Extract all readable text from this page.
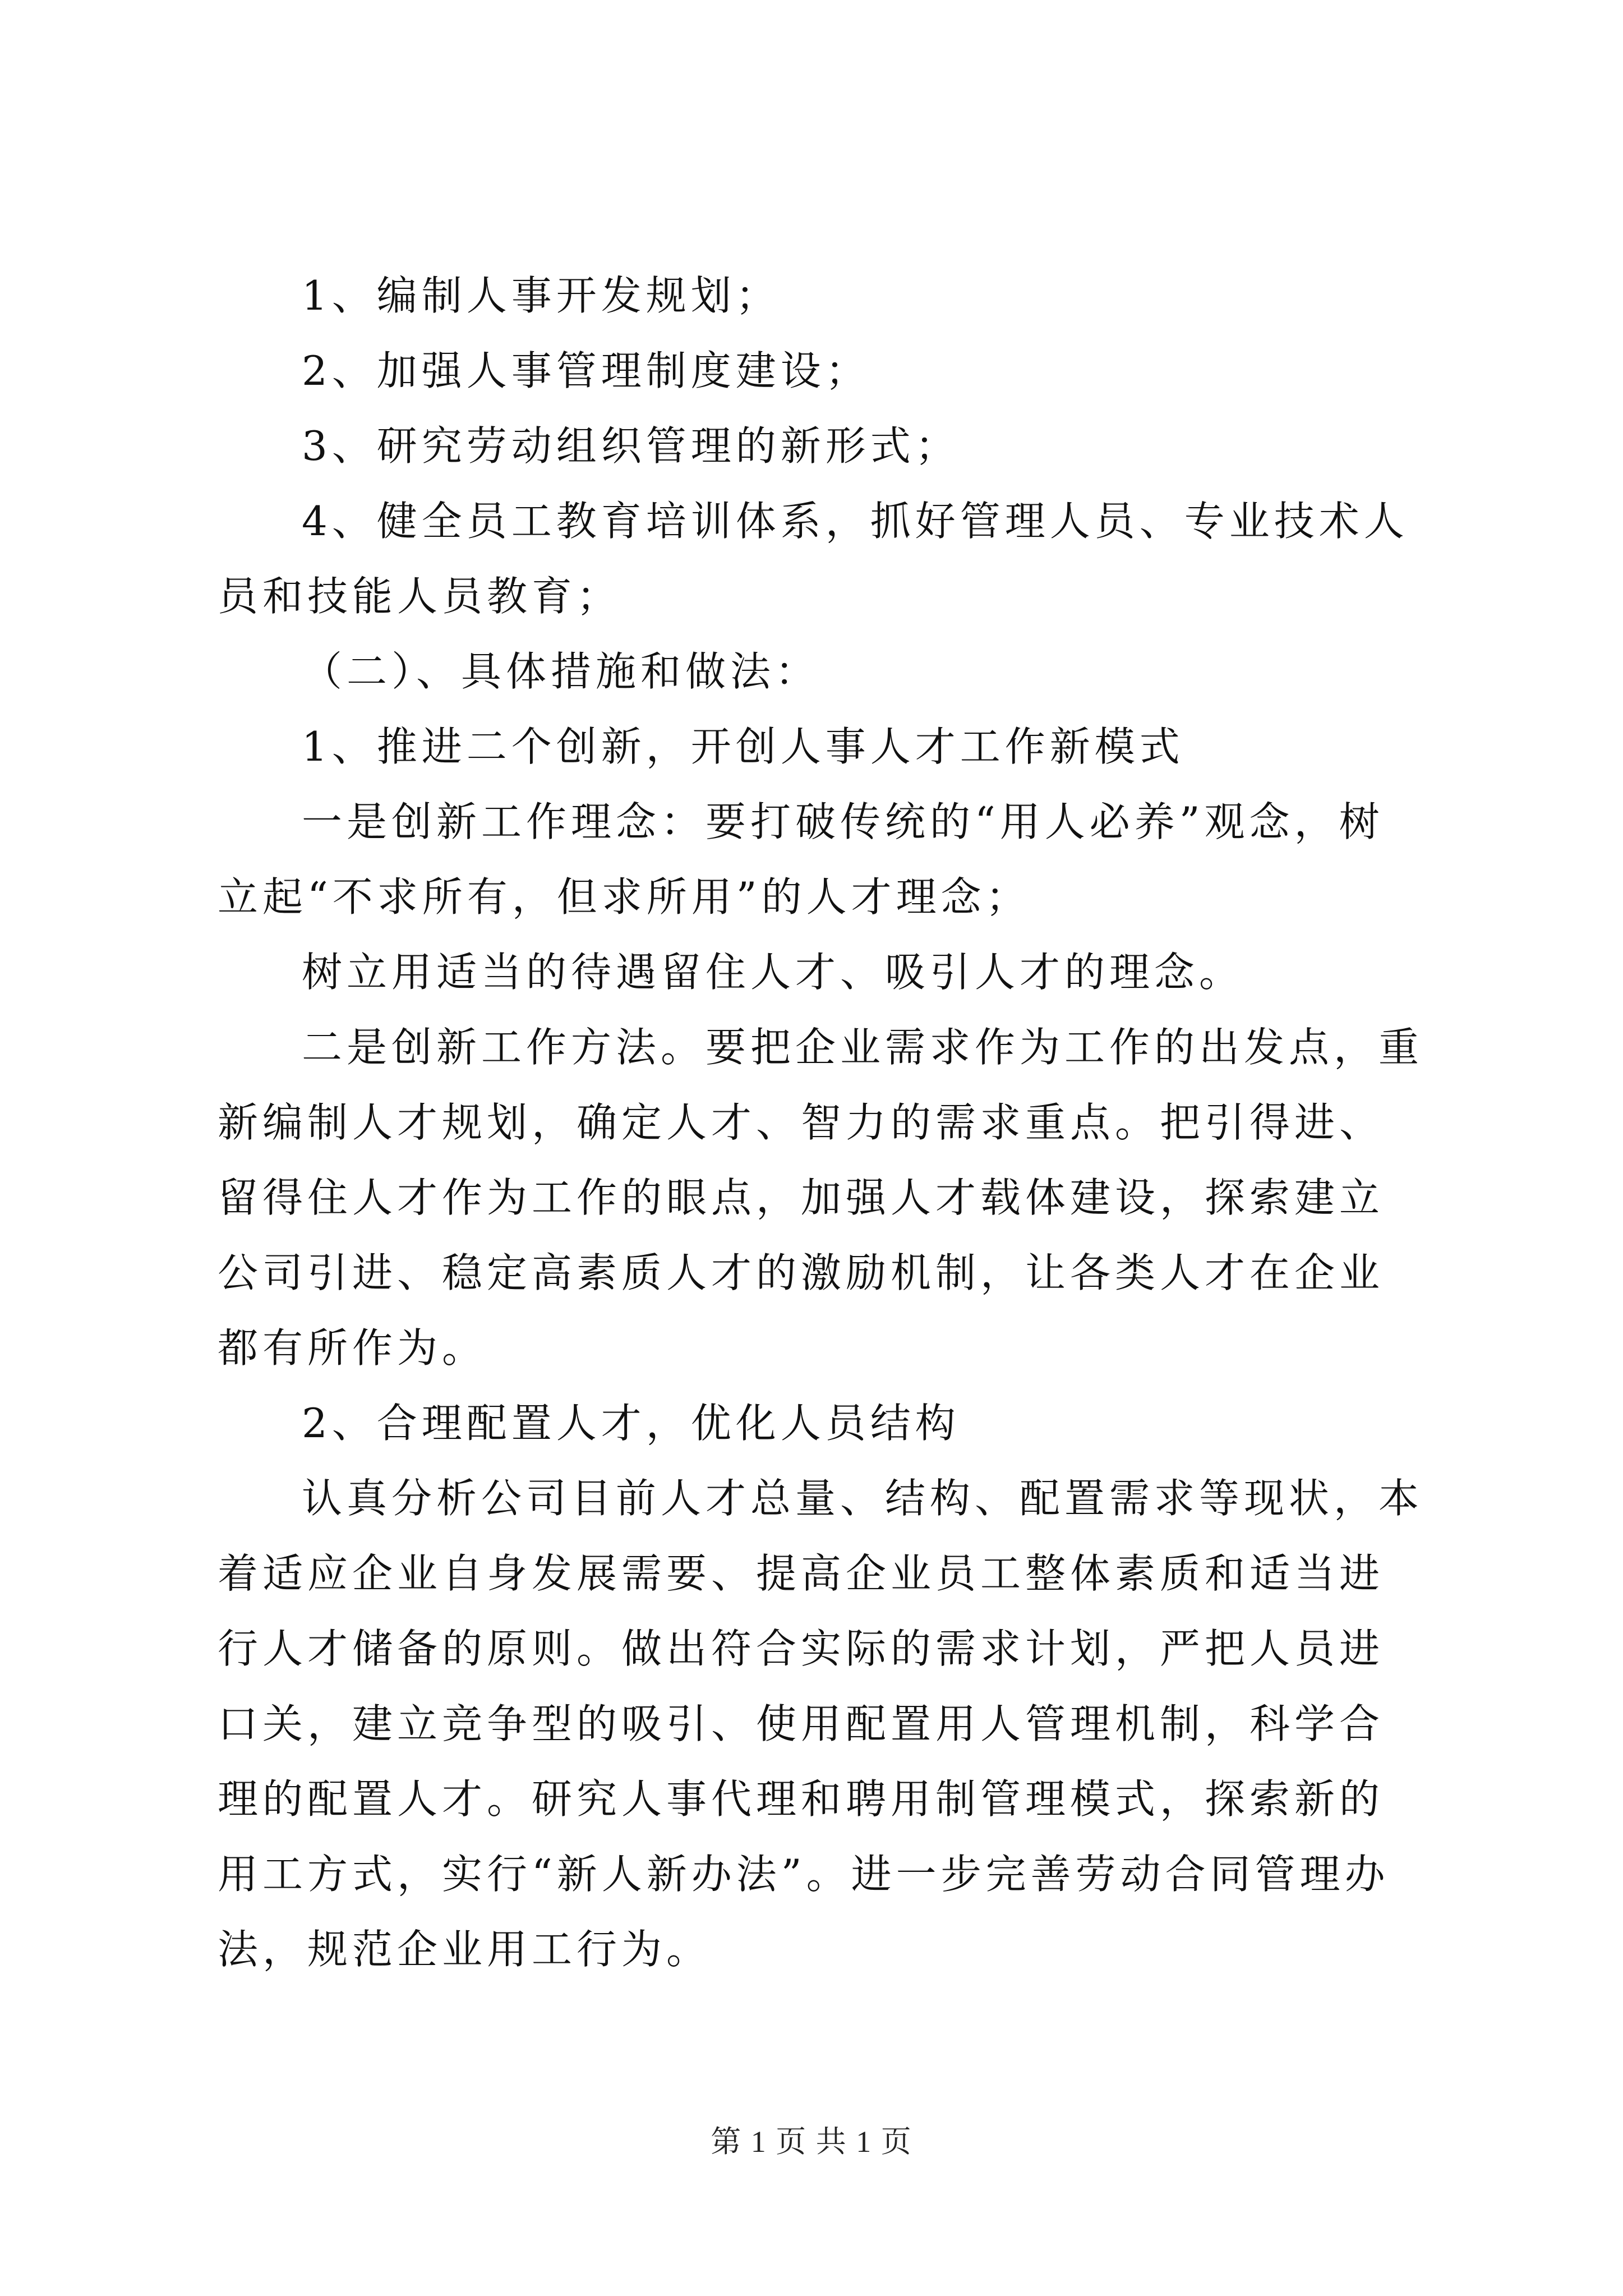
1、编制人事开发规划；

2、加强人事管理制度建设；

3、研究劳动组织管理的新形式；

4、健全员工教育培训体系，抓好管理人员、专业技术人员和技能人员教育；

（二）、具体措施和做法：

1、推进二个创新，开创人事人才工作新模式

一是创新工作理念：要打破传统的“用人必养”观念，树立起“不求所有，但求所用”的人才理念；

树立用适当的待遇留住人才、吸引人才的理念。

二是创新工作方法。要把企业需求作为工作的出发点，重新编制人才规划，确定人才、智力的需求重点。把引得进、留得住人才作为工作的眼点，加强人才载体建设，探索建立公司引进、稳定高素质人才的激励机制，让各类人才在企业都有所作为。

2、合理配置人才，优化人员结构

认真分析公司目前人才总量、结构、配置需求等现状，本着适应企业自身发展需要、提高企业员工整体素质和适当进行人才储备的原则。做出符合实际的需求计划，严把人员进口关，建立竞争型的吸引、使用配置用人管理机制，科学合理的配置人才。研究人事代理和聘用制管理模式，探索新的用工方式，实行“新人新办法”。进一步完善劳动合同管理办法，规范企业用工行为。

第 1 页 共 1 页
